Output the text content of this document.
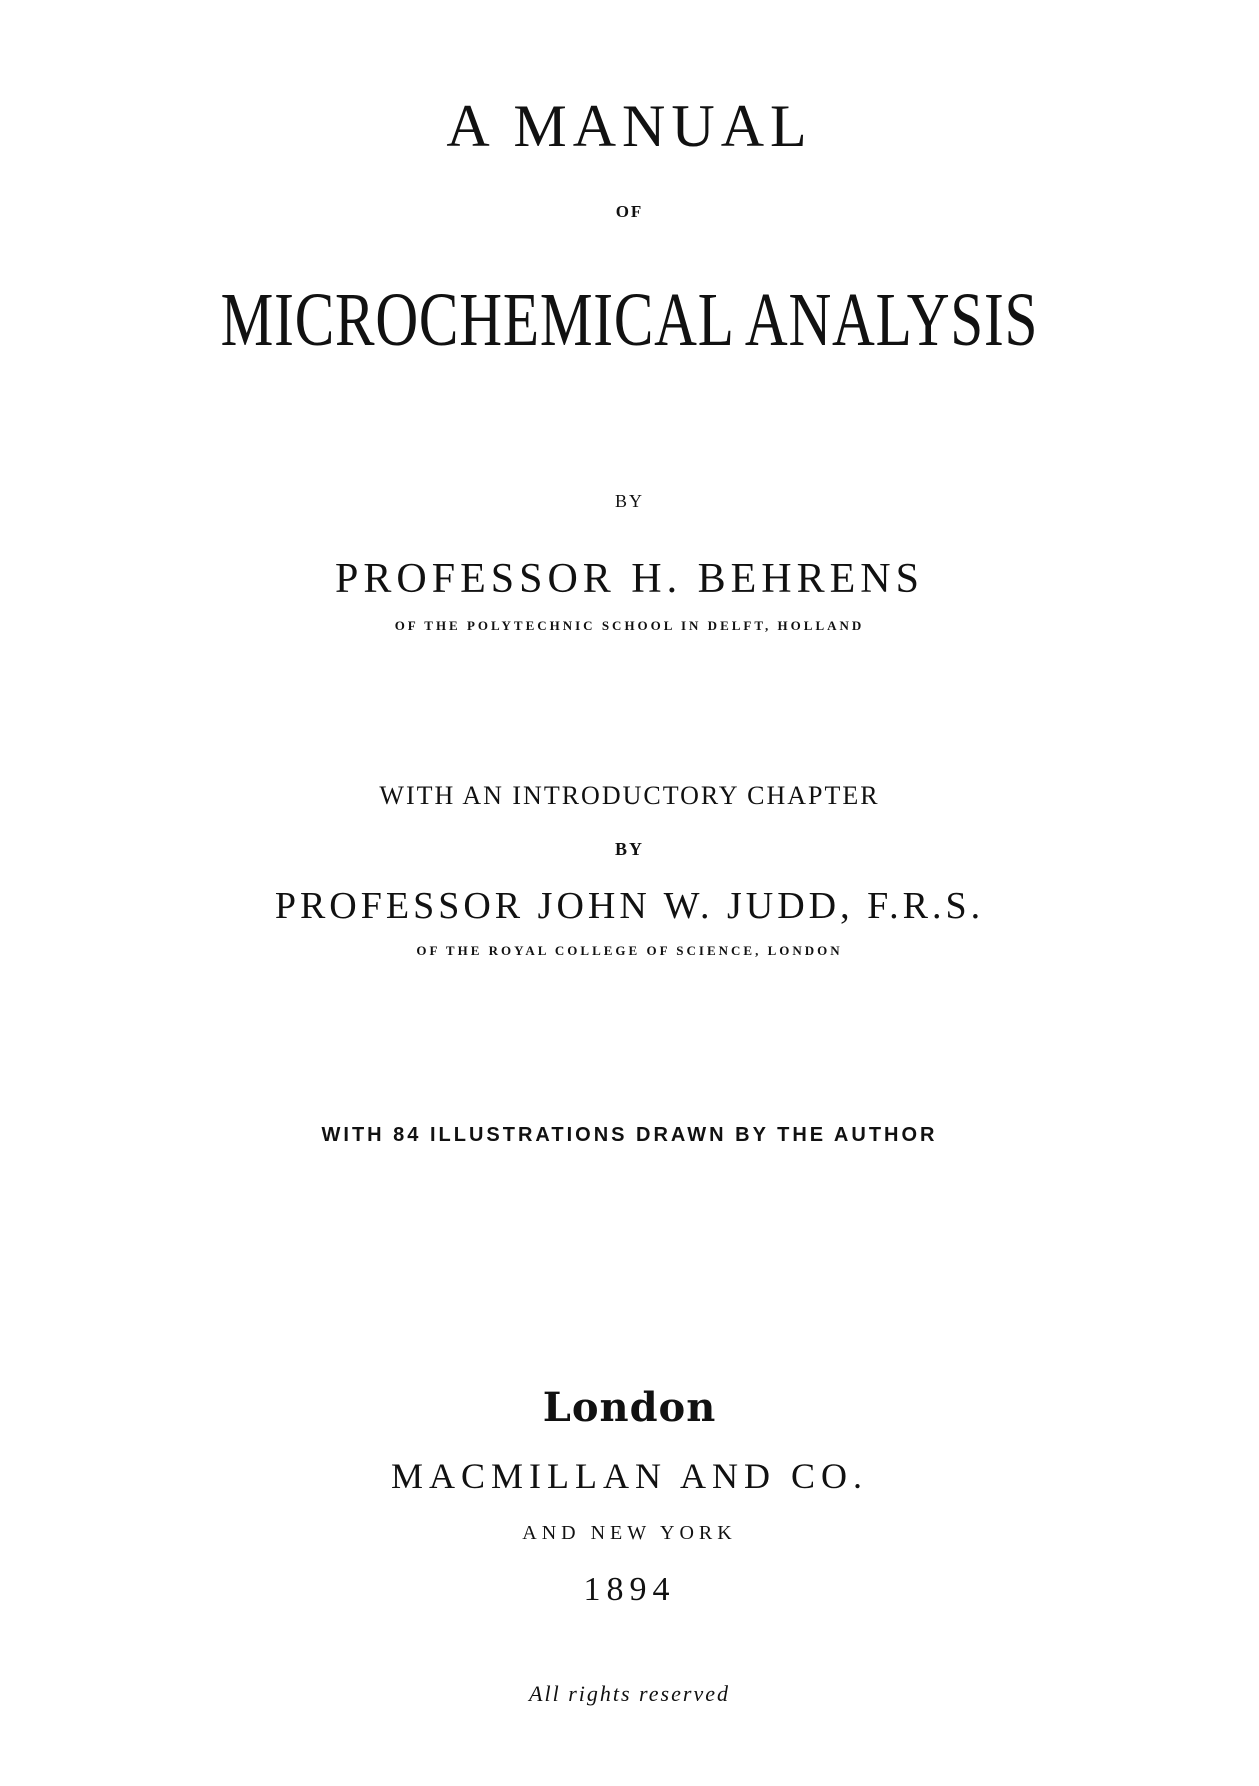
A MANUAL
OF
MICROCHEMICAL ANALYSIS
BY
PROFESSOR H. BEHRENS
OF THE POLYTECHNIC SCHOOL IN DELFT, HOLLAND
WITH AN INTRODUCTORY CHAPTER
BY
PROFESSOR JOHN W. JUDD, F.R.S.
OF THE ROYAL COLLEGE OF SCIENCE, LONDON
WITH 84 ILLUSTRATIONS DRAWN BY THE AUTHOR
London
MACMILLAN AND CO.
AND NEW YORK
1894
All rights reserved
